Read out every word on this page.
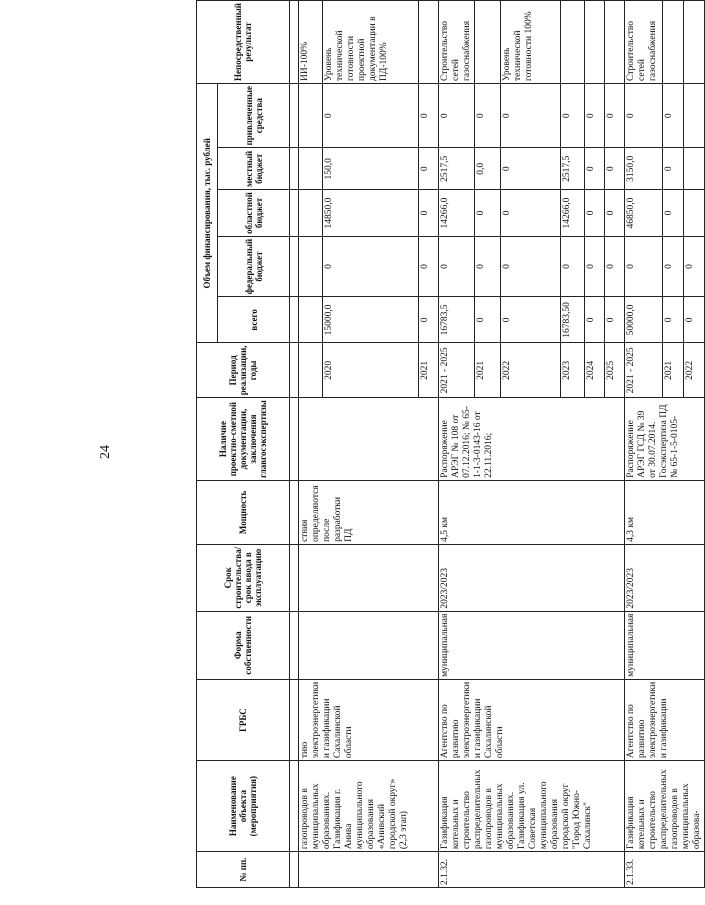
24
№ пп.	Наименование объекта (мероприятия)	ГРБС	Форма собственности	Срок строительства/срок ввода в эксплуатацию	Мощность	Наличие проектно-сметной документации, заключения главгосэкспертизы	Период реализации, годы	Объем финансирования, тыс. рублей					Непосредственный результат
								всего	федеральный бюджет	областной бюджет	местный бюджет	привлеченные средства	

	газопроводов в муниципальных образованиях. Газификация г. Анива муниципального образования «Анивский городской округ» (2,3 этап)	тию электроэнергетики и газификации Сахалинской области			ствия определяются после разработки ПД								ИИ-100%
							2020	15000,0	0	14850,0	150,0	0	Уровень технической готовности проектной документации в ПД-100%
							2021	0	0	0	0	0	
2.1.32.	Газификация котельных и строительство распределительных газопроводов в муниципальных образованиях. Газификация ул. Советская муниципального образования городской округ "Город Южно-Сахалинск"	Агентство по развитию электроэнергетики и газификации Сахалинской области	муниципальная	2023/2023	4,5 км	Распоряжение АРЭГ № 108 от 07.12.2016; № 65-1-1-3-0143-16 от 22.11.2016;	2021 - 2025	16783,5	0	14266,0	2517,5	0	Строительство сетей газоснабжения
							2021	0	0	0	0,0	0	
							2022	0	0	0	0	0	Уровень технической готовности 100%
							2023	16783,50	0	14266,0	2517,5	0	
							2024	0	0	0	0	0	
							2025	0	0	0	0	0	
2.1.33.	Газификация котельных и строительство распределительных газопроводов в муниципальных образова-	Агентство по развитию электроэнергетики и газификации	муниципальная	2023/2023	4,3 км	Распоряжение АРЭГ ГСД № 39 от 30.07.2014. Госэкспертиза ПД № 65-1-5-0105-	2021 - 2025	50000,0	0	46850,0	3150,0	0	Строительство сетей газоснабжения
							2021	0	0	0	0	0	
							2022	0	0				
